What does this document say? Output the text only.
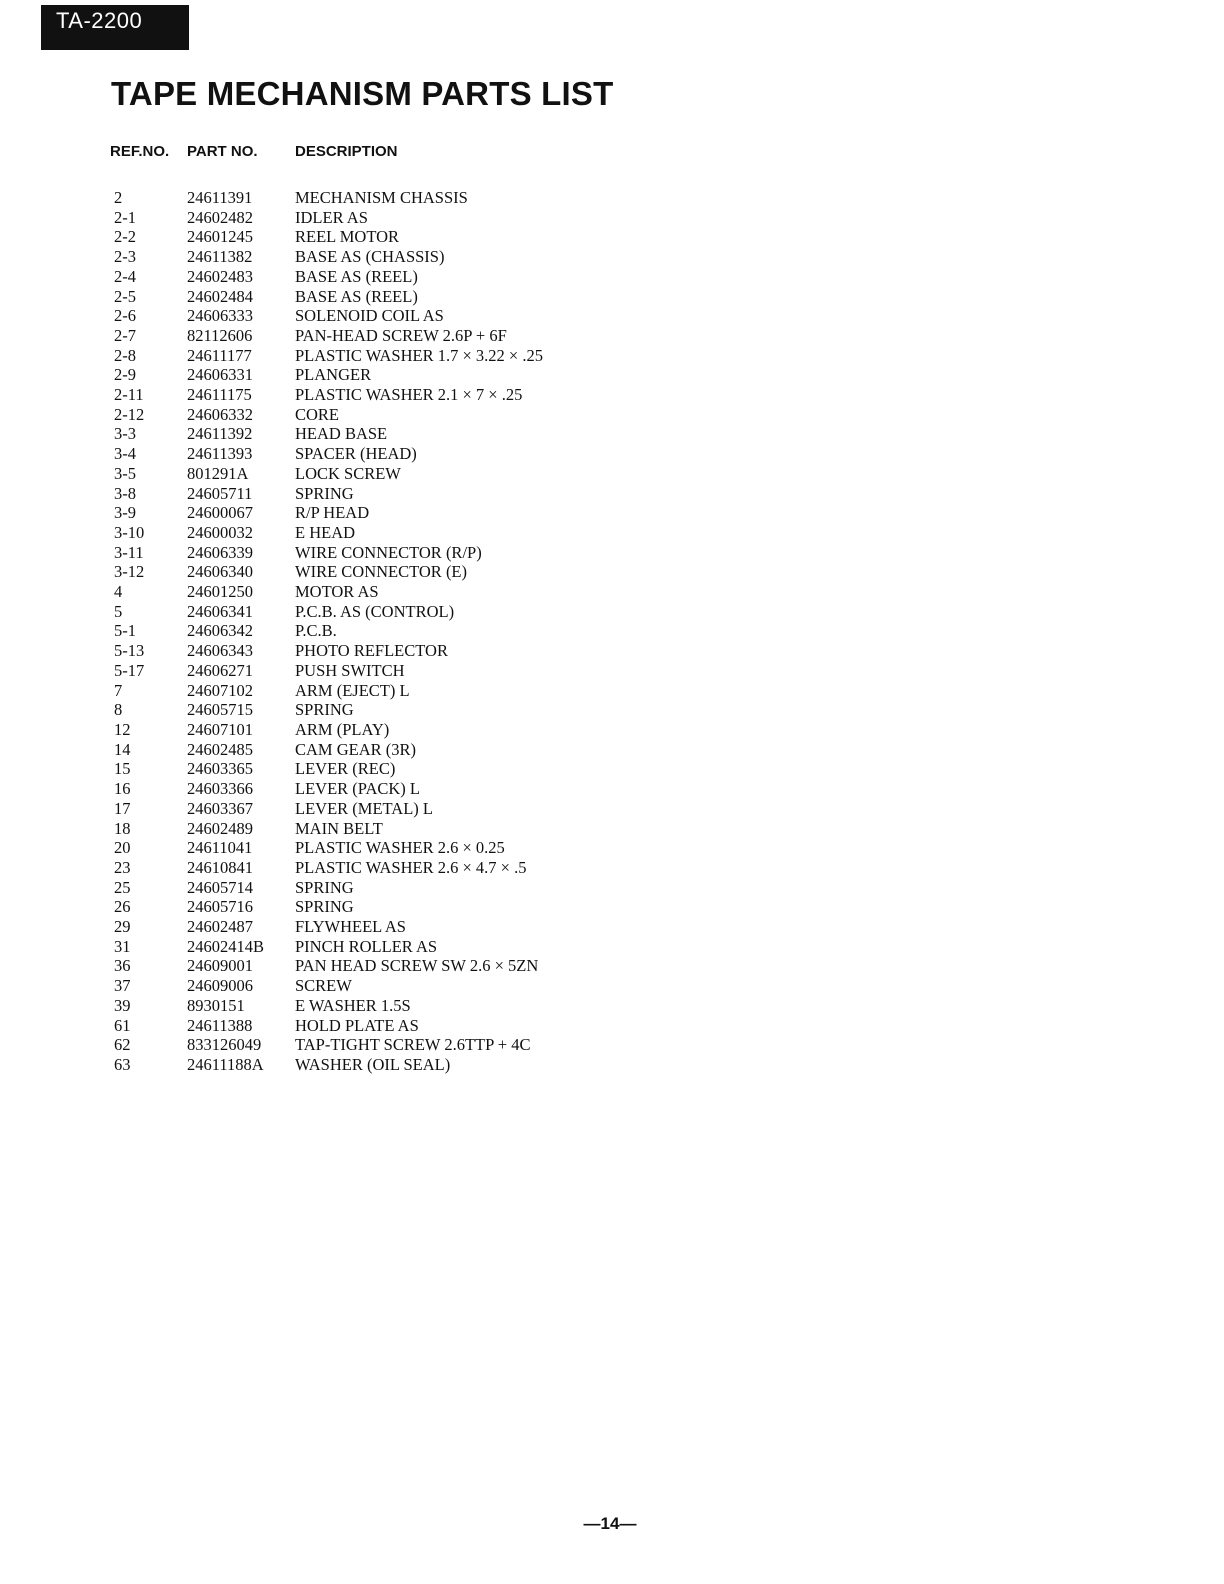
TA-2200
TAPE MECHANISM PARTS LIST
REF.NO.	PART NO.	DESCRIPTION

2	24611391	MECHANISM CHASSIS
2-1	24602482	IDLER AS
2-2	24601245	REEL MOTOR
2-3	24611382	BASE AS (CHASSIS)
2-4	24602483	BASE AS (REEL)
2-5	24602484	BASE AS (REEL)
2-6	24606333	SOLENOID COIL AS
2-7	82112606	PAN-HEAD SCREW 2.6P + 6F
2-8	24611177	PLASTIC WASHER 1.7 × 3.22 × .25
2-9	24606331	PLANGER
2-11	24611175	PLASTIC WASHER 2.1 × 7 × .25
2-12	24606332	CORE
3-3	24611392	HEAD BASE
3-4	24611393	SPACER (HEAD)
3-5	801291A	LOCK SCREW
3-8	24605711	SPRING
3-9	24600067	R/P HEAD
3-10	24600032	E HEAD
3-11	24606339	WIRE CONNECTOR (R/P)
3-12	24606340	WIRE CONNECTOR (E)
4	24601250	MOTOR AS
5	24606341	P.C.B. AS (CONTROL)
5-1	24606342	P.C.B.
5-13	24606343	PHOTO REFLECTOR
5-17	24606271	PUSH SWITCH
7	24607102	ARM (EJECT) L
8	24605715	SPRING
12	24607101	ARM (PLAY)
14	24602485	CAM GEAR (3R)
15	24603365	LEVER (REC)
16	24603366	LEVER (PACK) L
17	24603367	LEVER (METAL) L
18	24602489	MAIN BELT
20	24611041	PLASTIC WASHER 2.6 × 0.25
23	24610841	PLASTIC WASHER 2.6 × 4.7 × .5
25	24605714	SPRING
26	24605716	SPRING
29	24602487	FLYWHEEL AS
31	24602414B	PINCH ROLLER AS
36	24609001	PAN HEAD SCREW SW 2.6 × 5ZN
37	24609006	SCREW
39	8930151	E WASHER 1.5S
61	24611388	HOLD PLATE AS
62	833126049	TAP-TIGHT SCREW 2.6TTP + 4C
63	24611188A	WASHER (OIL SEAL)
—14—
